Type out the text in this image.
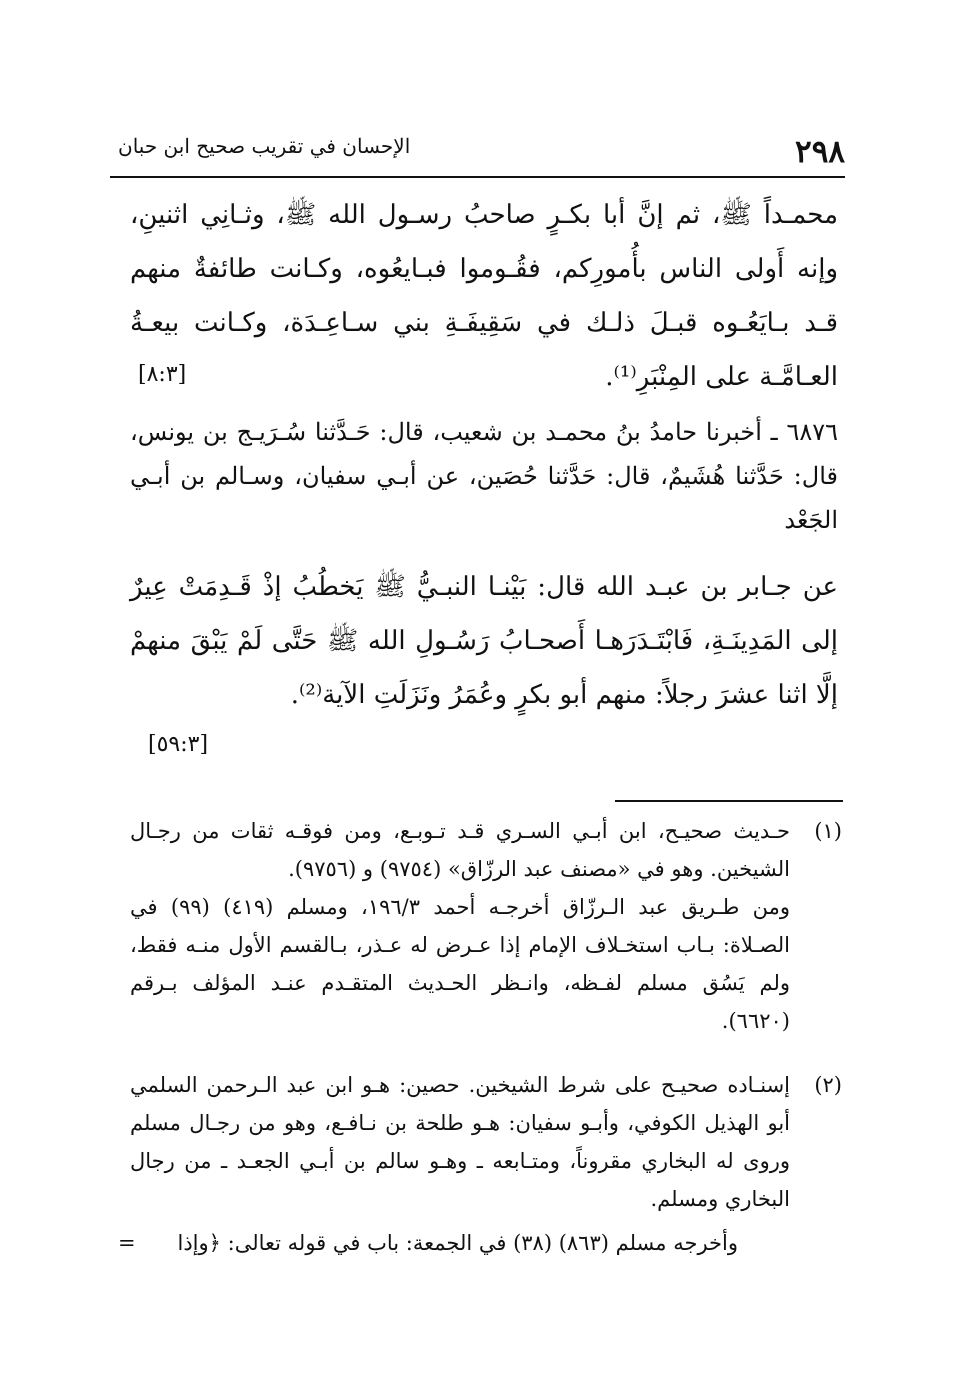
٢٩٨
الإحسان في تقريب صحيح ابن حبان

محمـداً ﷺ، ثم إنَّ أبا بكـرٍ صاحبُ رسـول الله ﷺ، وثـانِي اثنينِ، وإنه أَولى الناس بأُمورِكم، فقُـوموا فبـايعُوه، وكـانت طائفةٌ منهم قـد بـايَعُـوه قبـلَ ذلـك في سَقِيفَـةِ بني سـاعِـدَة، وكـانت بيعـةُ العـامَّـة على المِنْبَرِ⁽¹⁾.

[٨:٣]

٦٨٧٦ ـ أخبرنا حامدُ بنُ محمـد بن شعيب، قال: حَـدَّثنا سُـرَيـج بن يونس، قال: حَدَّثنا هُشَيمٌ، قال: حَدَّثنا حُصَين، عن أبـي سفيان، وسـالم بن أبـي الجَعْد

عن جـابر بن عبـد الله قال: بَيْنـا النبـيُّ ﷺ يَخطُبُ إذْ قَـدِمَتْ عِيرٌ إلى المَدِينَـةِ، فَابْتَـدَرَهـا أَصحـابُ رَسُـولِ الله ﷺ حَتَّى لَمْ يَبْقَ منهمْ إلَّا اثنا عشرَ رجلاً: منهم أبو بكرٍ وعُمَرُ ونَزَلَتِ الآية⁽²⁾.

[٥٩:٣]
(١)

حـديث صحيـح، ابن أبـي السـري قـد تـوبـع، ومن فوقـه ثقات من رجـال الشيخين. وهو في «مصنف عبد الرزّاق» (٩٧٥٤) و (٩٧٥٦).

ومن طـريق عبد الـرزّاق أخرجـه أحمد ١٩٦/٣، ومسلم (٤١٩) (٩٩) في الصـلاة: بـاب استخـلاف الإمام إذا عـرض له عـذر، بـالقسم الأول منـه فقط، ولم يَسُق مسلم لفـظه، وانـظر الحـديث المتقـدم عنـد المؤلف بـرقم (٦٦٢٠).

(٢)

إسنـاده صحيـح على شرط الشيخين. حصين: هـو ابن عبد الـرحمن السلمي أبو الهذيل الكوفي، وأبـو سفيان: هـو طلحة بن نـافـع، وهو من رجـال مسلم وروى له البخاري مقروناً، ومتـابعه ـ وهـو سالم بن أبـي الجعـد ـ من رجال البخاري ومسلم.

وأخرجه مسلم (٨٦٣) (٣٨) في الجمعة: باب في قوله تعالى: ﴿وإذا
=
